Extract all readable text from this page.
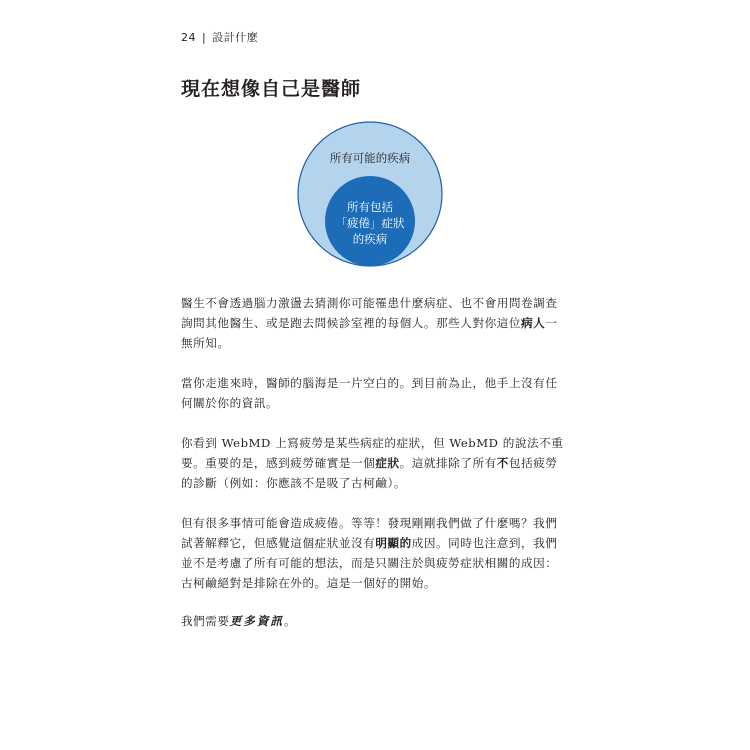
24 | 設計什麼
現在想像自己是醫師
所有可能的疾病
所有包括
「疲倦」症狀
的疾病

醫生不會透過腦力激盪去猜測你可能罹患什麼病症、也不會用問卷調查詢問其他醫生、或是跑去問候診室裡的每個人。那些人對你這位病人一無所知。

當你走進來時，醫師的腦海是一片空白的。到目前為止，他手上沒有任何關於你的資訊。

你看到 WebMD 上寫疲勞是某些病症的症狀，但 WebMD 的說法不重要。重要的是，感到疲勞確實是一個症狀。這就排除了所有不包括疲勞的診斷（例如：你應該不是吸了古柯鹼）。

但有很多事情可能會造成疲倦。等等！發現剛剛我們做了什麼嗎？我們試著解釋它，但感覺這個症狀並沒有明顯的成因。同時也注意到，我們並不是考慮了所有可能的想法，而是只關注於與疲勞症狀相關的成因：古柯鹼絕對是排除在外的。這是一個好的開始。

我們需要更多資訊。
